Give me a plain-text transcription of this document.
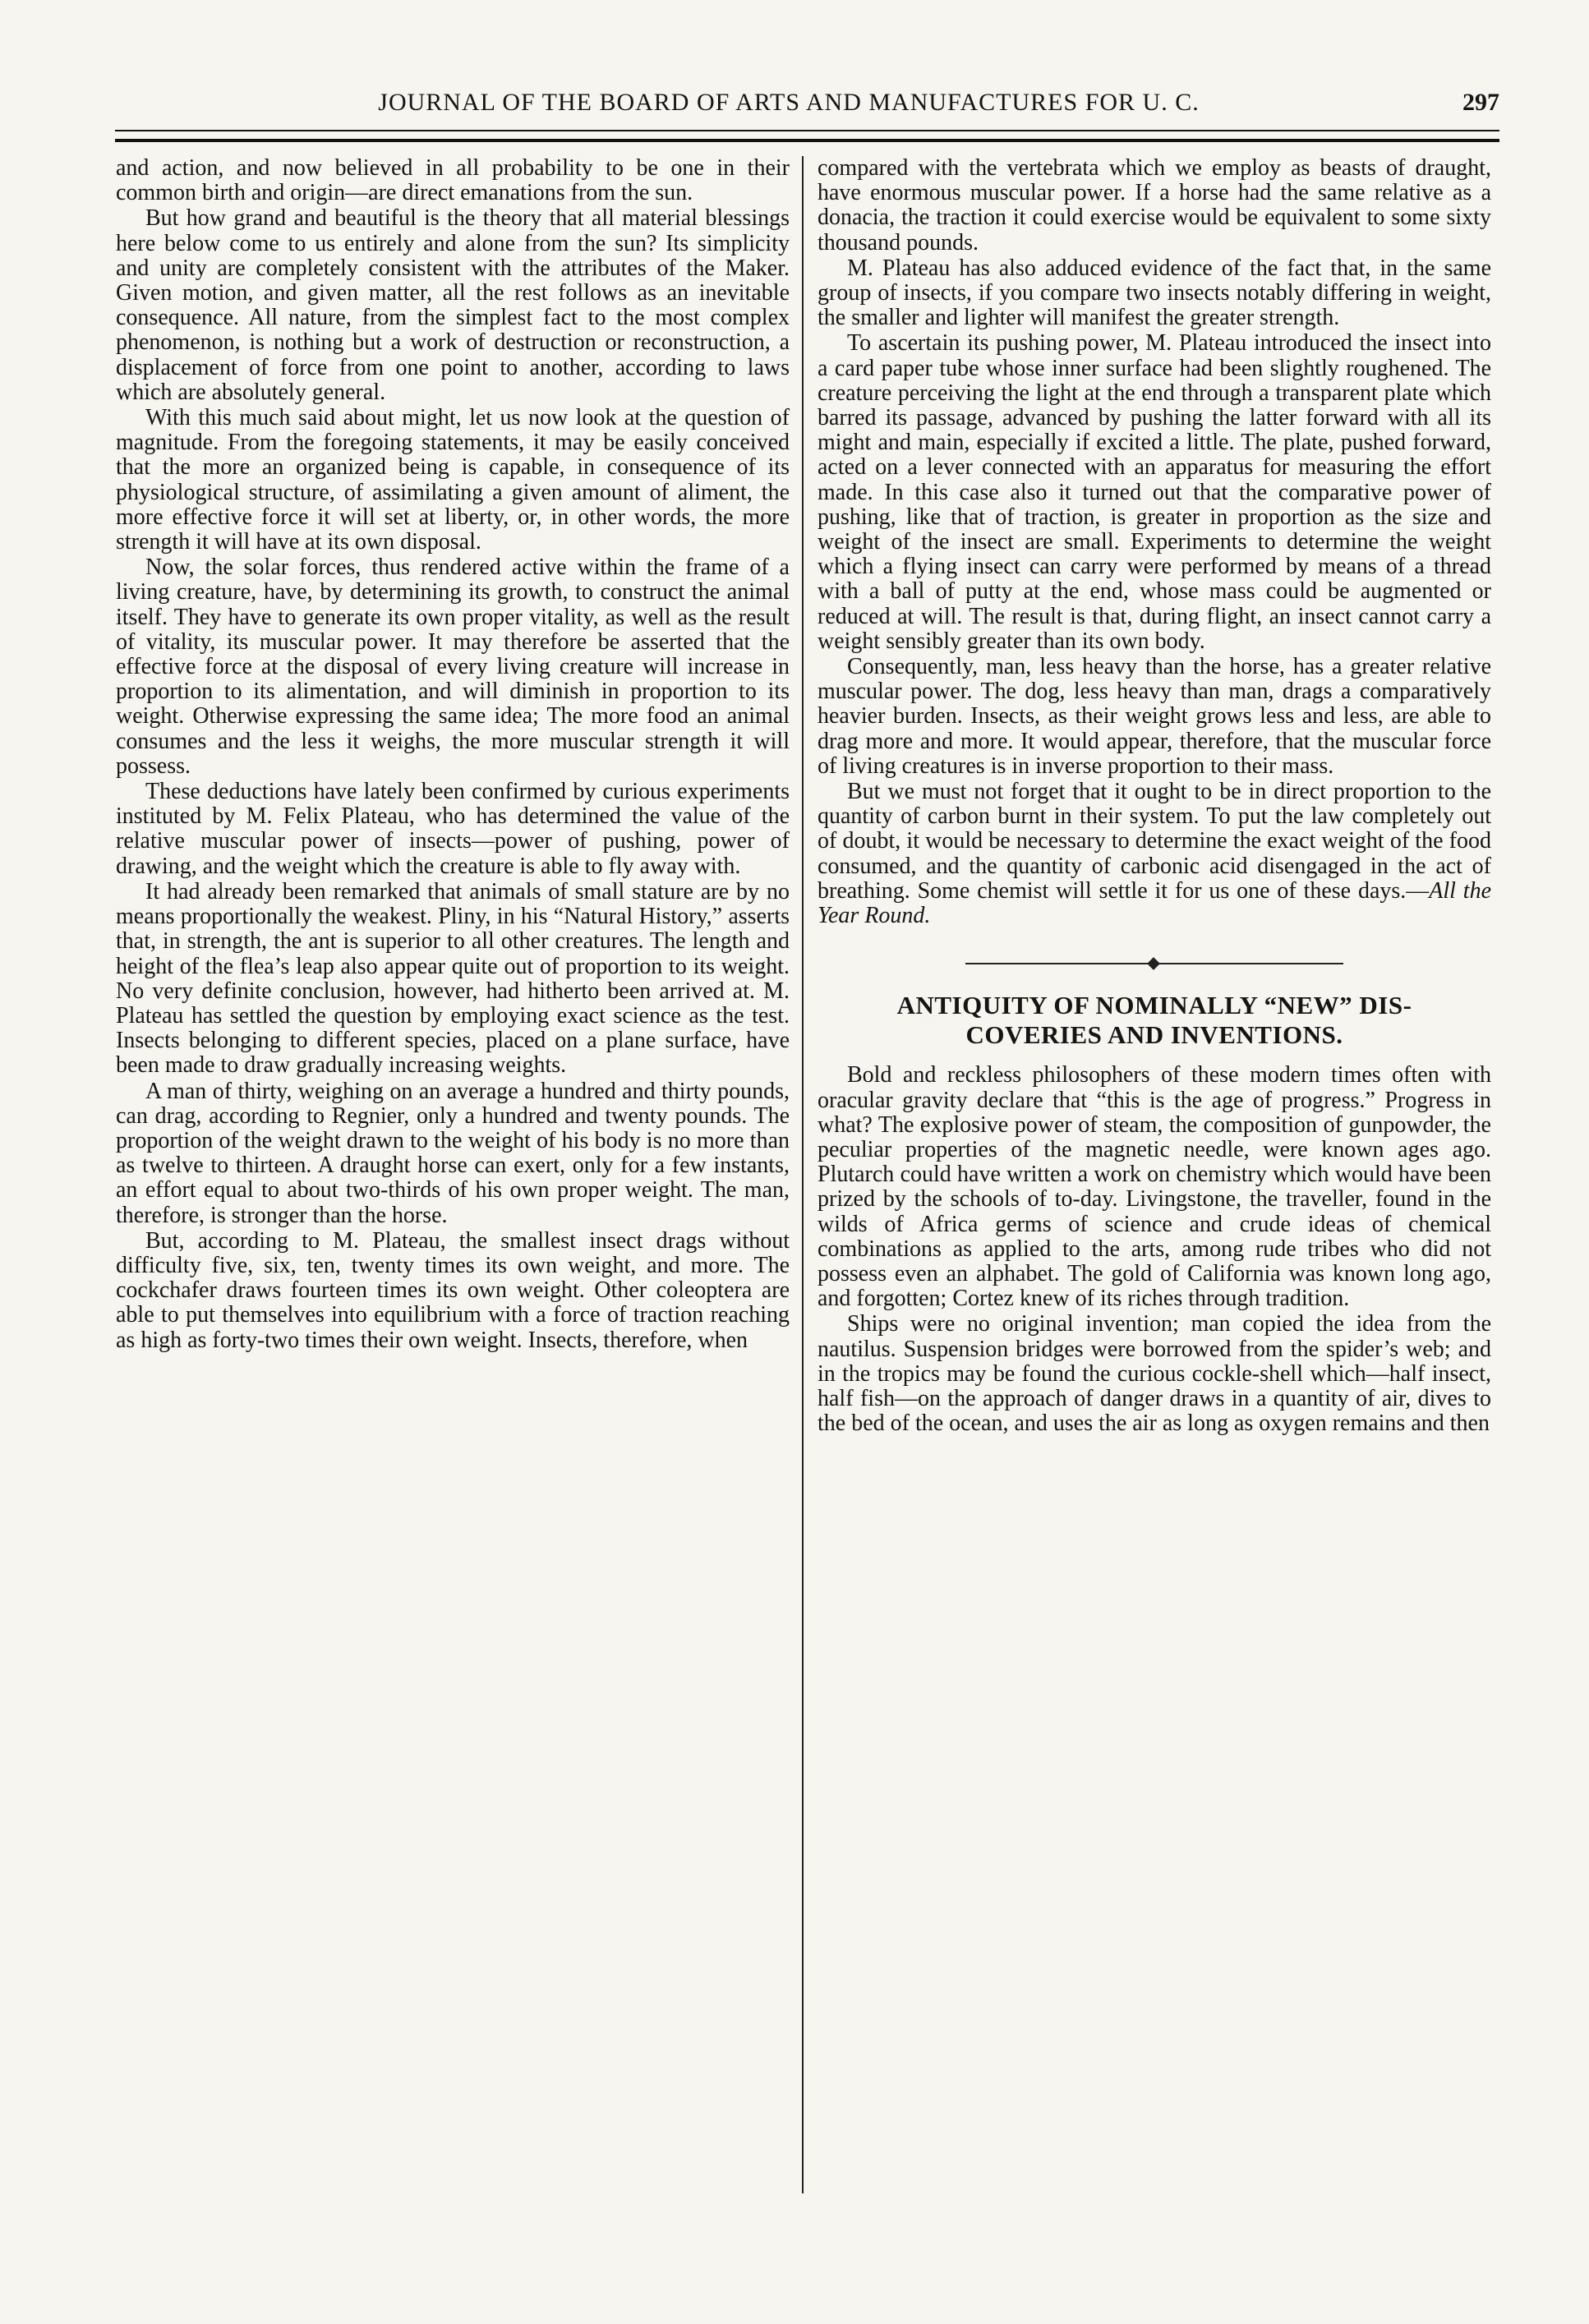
JOURNAL OF THE BOARD OF ARTS AND MANUFACTURES FOR U. C.	297

and action, and now believed in all probability to be one in their common birth and origin—are direct emanations from the sun.

But how grand and beautiful is the theory that all material blessings here below come to us entirely and alone from the sun? Its simplicity and unity are completely consistent with the attributes of the Maker. Given motion, and given matter, all the rest follows as an inevitable consequence. All nature, from the simplest fact to the most complex phenomenon, is nothing but a work of destruction or reconstruction, a displacement of force from one point to another, according to laws which are absolutely general.

With this much said about might, let us now look at the question of magnitude. From the foregoing statements, it may be easily conceived that the more an organized being is capable, in consequence of its physiological structure, of assimilating a given amount of aliment, the more effective force it will set at liberty, or, in other words, the more strength it will have at its own disposal.

Now, the solar forces, thus rendered active within the frame of a living creature, have, by determining its growth, to construct the animal itself. They have to generate its own proper vitality, as well as the result of vitality, its muscular power. It may therefore be asserted that the effective force at the disposal of every living creature will increase in proportion to its alimentation, and will diminish in proportion to its weight. Otherwise expressing the same idea; The more food an animal consumes and the less it weighs, the more muscular strength it will possess.

These deductions have lately been confirmed by curious experiments instituted by M. Felix Plateau, who has determined the value of the relative muscular power of insects—power of pushing, power of drawing, and the weight which the creature is able to fly away with.

It had already been remarked that animals of small stature are by no means proportionally the weakest. Pliny, in his “Natural History,” asserts that, in strength, the ant is superior to all other creatures. The length and height of the flea’s leap also appear quite out of proportion to its weight. No very definite conclusion, however, had hitherto been arrived at. M. Plateau has settled the question by employing exact science as the test. Insects belonging to different species, placed on a plane surface, have been made to draw gradually increasing weights.

A man of thirty, weighing on an average a hundred and thirty pounds, can drag, according to Regnier, only a hundred and twenty pounds. The proportion of the weight drawn to the weight of his body is no more than as twelve to thirteen. A draught horse can exert, only for a few instants, an effort equal to about two-thirds of his own proper weight. The man, therefore, is stronger than the horse.

But, according to M. Plateau, the smallest insect drags without difficulty five, six, ten, twenty times its own weight, and more. The cockchafer draws fourteen times its own weight. Other coleoptera are able to put themselves into equilibrium with a force of traction reaching as high as forty-two times their own weight. Insects, therefore, when

compared with the vertebrata which we employ as beasts of draught, have enormous muscular power. If a horse had the same relative as a donacia, the traction it could exercise would be equivalent to some sixty thousand pounds.

M. Plateau has also adduced evidence of the fact that, in the same group of insects, if you compare two insects notably differing in weight, the smaller and lighter will manifest the greater strength.

To ascertain its pushing power, M. Plateau introduced the insect into a card paper tube whose inner surface had been slightly roughened. The creature perceiving the light at the end through a transparent plate which barred its passage, advanced by pushing the latter forward with all its might and main, especially if excited a little. The plate, pushed forward, acted on a lever connected with an apparatus for measuring the effort made. In this case also it turned out that the comparative power of pushing, like that of traction, is greater in proportion as the size and weight of the insect are small. Experiments to determine the weight which a flying insect can carry were performed by means of a thread with a ball of putty at the end, whose mass could be augmented or reduced at will. The result is that, during flight, an insect cannot carry a weight sensibly greater than its own body.

Consequently, man, less heavy than the horse, has a greater relative muscular power. The dog, less heavy than man, drags a comparatively heavier burden. Insects, as their weight grows less and less, are able to drag more and more. It would appear, therefore, that the muscular force of living creatures is in inverse proportion to their mass.

But we must not forget that it ought to be in direct proportion to the quantity of carbon burnt in their system. To put the law completely out of doubt, it would be necessary to determine the exact weight of the food consumed, and the quantity of carbonic acid disengaged in the act of breathing. Some chemist will settle it for us one of these days.—All the Year Round.

ANTIQUITY OF NOMINALLY “NEW” DIS-
COVERIES AND INVENTIONS.

Bold and reckless philosophers of these modern times often with oracular gravity declare that “this is the age of progress.” Progress in what? The explosive power of steam, the composition of gunpowder, the peculiar properties of the magnetic needle, were known ages ago. Plutarch could have written a work on chemistry which would have been prized by the schools of to-day. Livingstone, the traveller, found in the wilds of Africa germs of science and crude ideas of chemical combinations as applied to the arts, among rude tribes who did not possess even an alphabet. The gold of California was known long ago, and forgotten; Cortez knew of its riches through tradition.

Ships were no original invention; man copied the idea from the nautilus. Suspension bridges were borrowed from the spider’s web; and in the tropics may be found the curious cockle-shell which—half insect, half fish—on the approach of danger draws in a quantity of air, dives to the bed of the ocean, and uses the air as long as oxygen remains and then
